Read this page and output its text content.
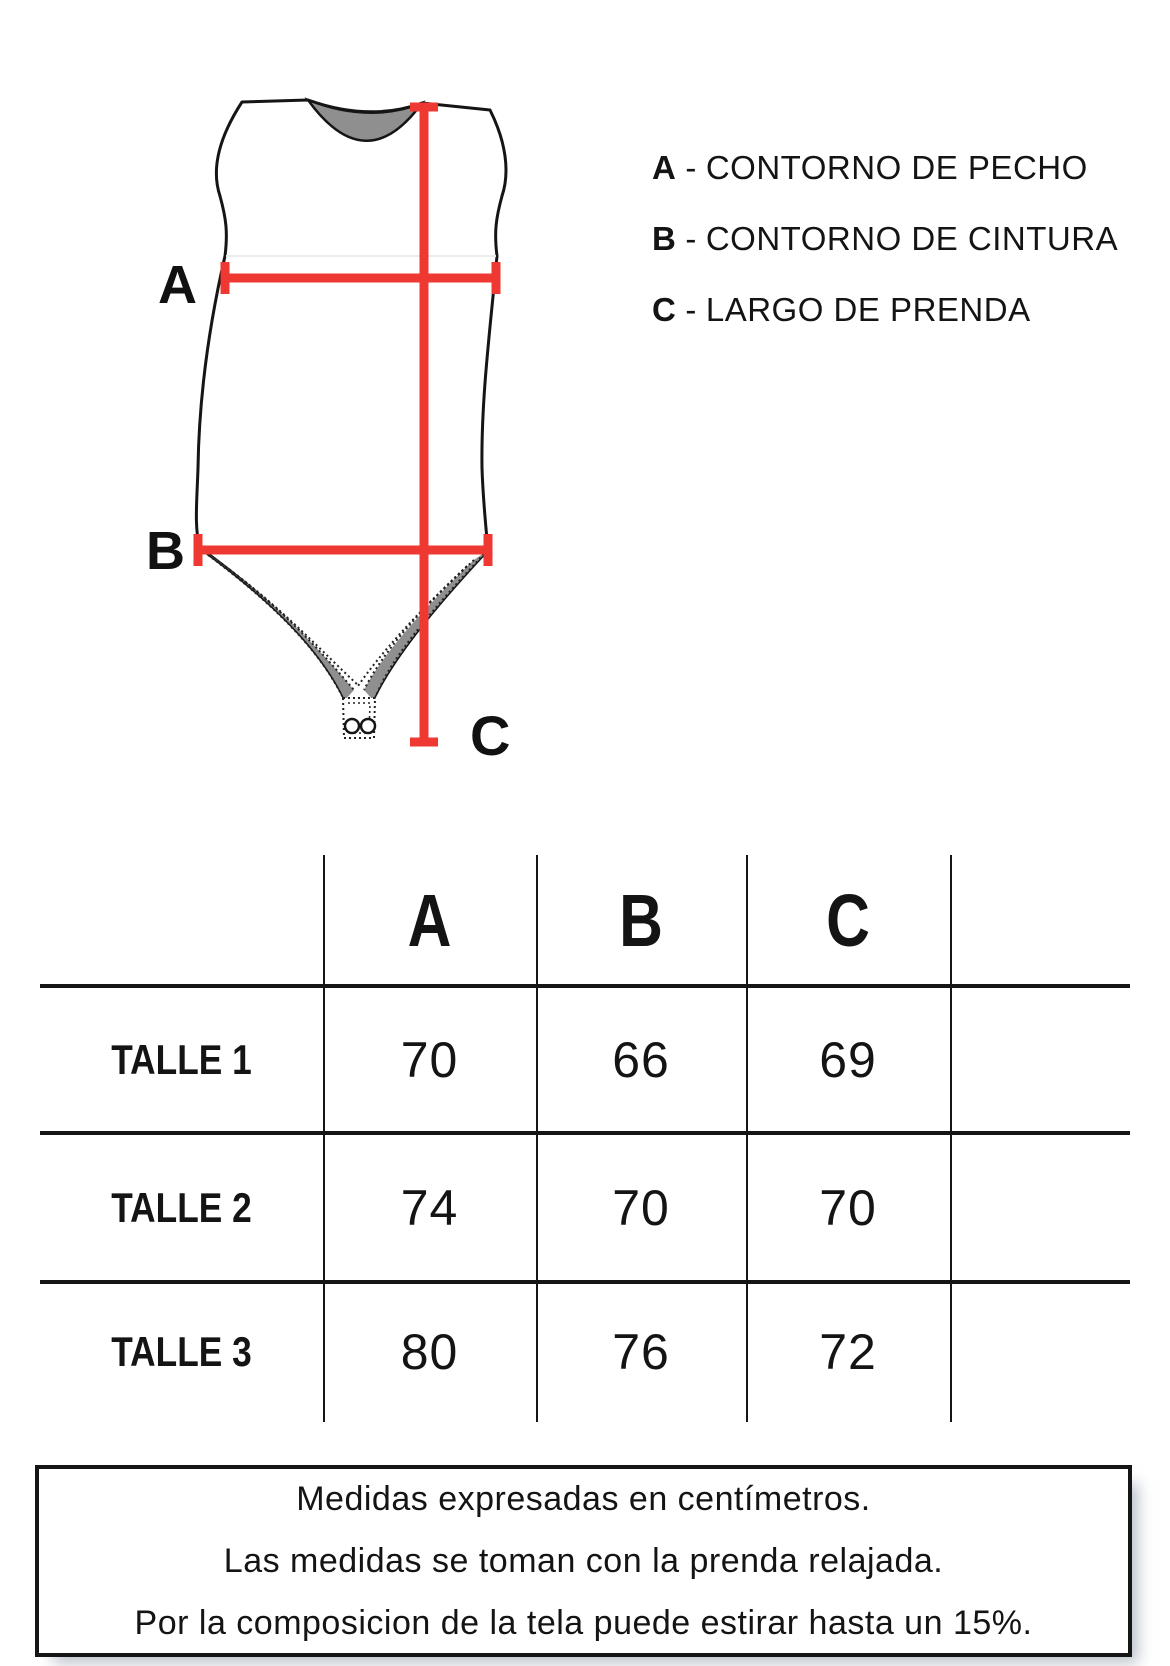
A
B
C
A - CONTORNO DE PECHO
B - CONTORNO DE CINTURA
C - LARGO DE PRENDA
A	B	C
TALLE 1	70	66	69
TALLE 2	74	70	70
TALLE 3	80	76	72
Medidas expresadas en centímetros.
Las medidas se toman con la prenda relajada.
Por la composicion de la tela puede estirar hasta un 15%.
